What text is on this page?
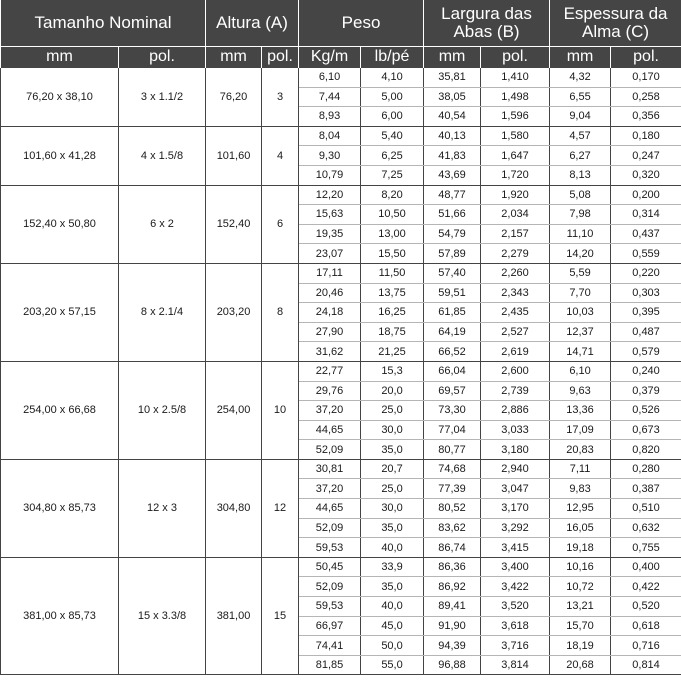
Tamanho Nominal		Altura (A)		Peso		Largura das Abas (B)		Espessura da Alma (C)	
mm	pol.	mm	pol.	Kg/m	lb/pé	mm	pol.	mm	pol.
76,20 x 38,10	3 x 1.1/2	76,20	3	6,10	4,10	35,81	1,410	4,32	0,170
				7,44	5,00	38,05	1,498	6,55	0,258
				8,93	6,00	40,54	1,596	9,04	0,356
101,60 x 41,28	4 x 1.5/8	101,60	4	8,04	5,40	40,13	1,580	4,57	0,180
				9,30	6,25	41,83	1,647	6,27	0,247
				10,79	7,25	43,69	1,720	8,13	0,320
152,40 x 50,80	6 x 2	152,40	6	12,20	8,20	48,77	1,920	5,08	0,200
				15,63	10,50	51,66	2,034	7,98	0,314
				19,35	13,00	54,79	2,157	11,10	0,437
				23,07	15,50	57,89	2,279	14,20	0,559
203,20 x 57,15	8 x 2.1/4	203,20	8	17,11	11,50	57,40	2,260	5,59	0,220
				20,46	13,75	59,51	2,343	7,70	0,303
				24,18	16,25	61,85	2,435	10,03	0,395
				27,90	18,75	64,19	2,527	12,37	0,487
				31,62	21,25	66,52	2,619	14,71	0,579
254,00 x 66,68	10 x 2.5/8	254,00	10	22,77	15,3	66,04	2,600	6,10	0,240
				29,76	20,0	69,57	2,739	9,63	0,379
				37,20	25,0	73,30	2,886	13,36	0,526
				44,65	30,0	77,04	3,033	17,09	0,673
				52,09	35,0	80,77	3,180	20,83	0,820
304,80 x 85,73	12 x 3	304,80	12	30,81	20,7	74,68	2,940	7,11	0,280
				37,20	25,0	77,39	3,047	9,83	0,387
				44,65	30,0	80,52	3,170	12,95	0,510
				52,09	35,0	83,62	3,292	16,05	0,632
				59,53	40,0	86,74	3,415	19,18	0,755
381,00 x 85,73	15 x 3.3/8	381,00	15	50,45	33,9	86,36	3,400	10,16	0,400
				52,09	35,0	86,92	3,422	10,72	0,422
				59,53	40,0	89,41	3,520	13,21	0,520
				66,97	45,0	91,90	3,618	15,70	0,618
				74,41	50,0	94,39	3,716	18,19	0,716
				81,85	55,0	96,88	3,814	20,68	0,814
